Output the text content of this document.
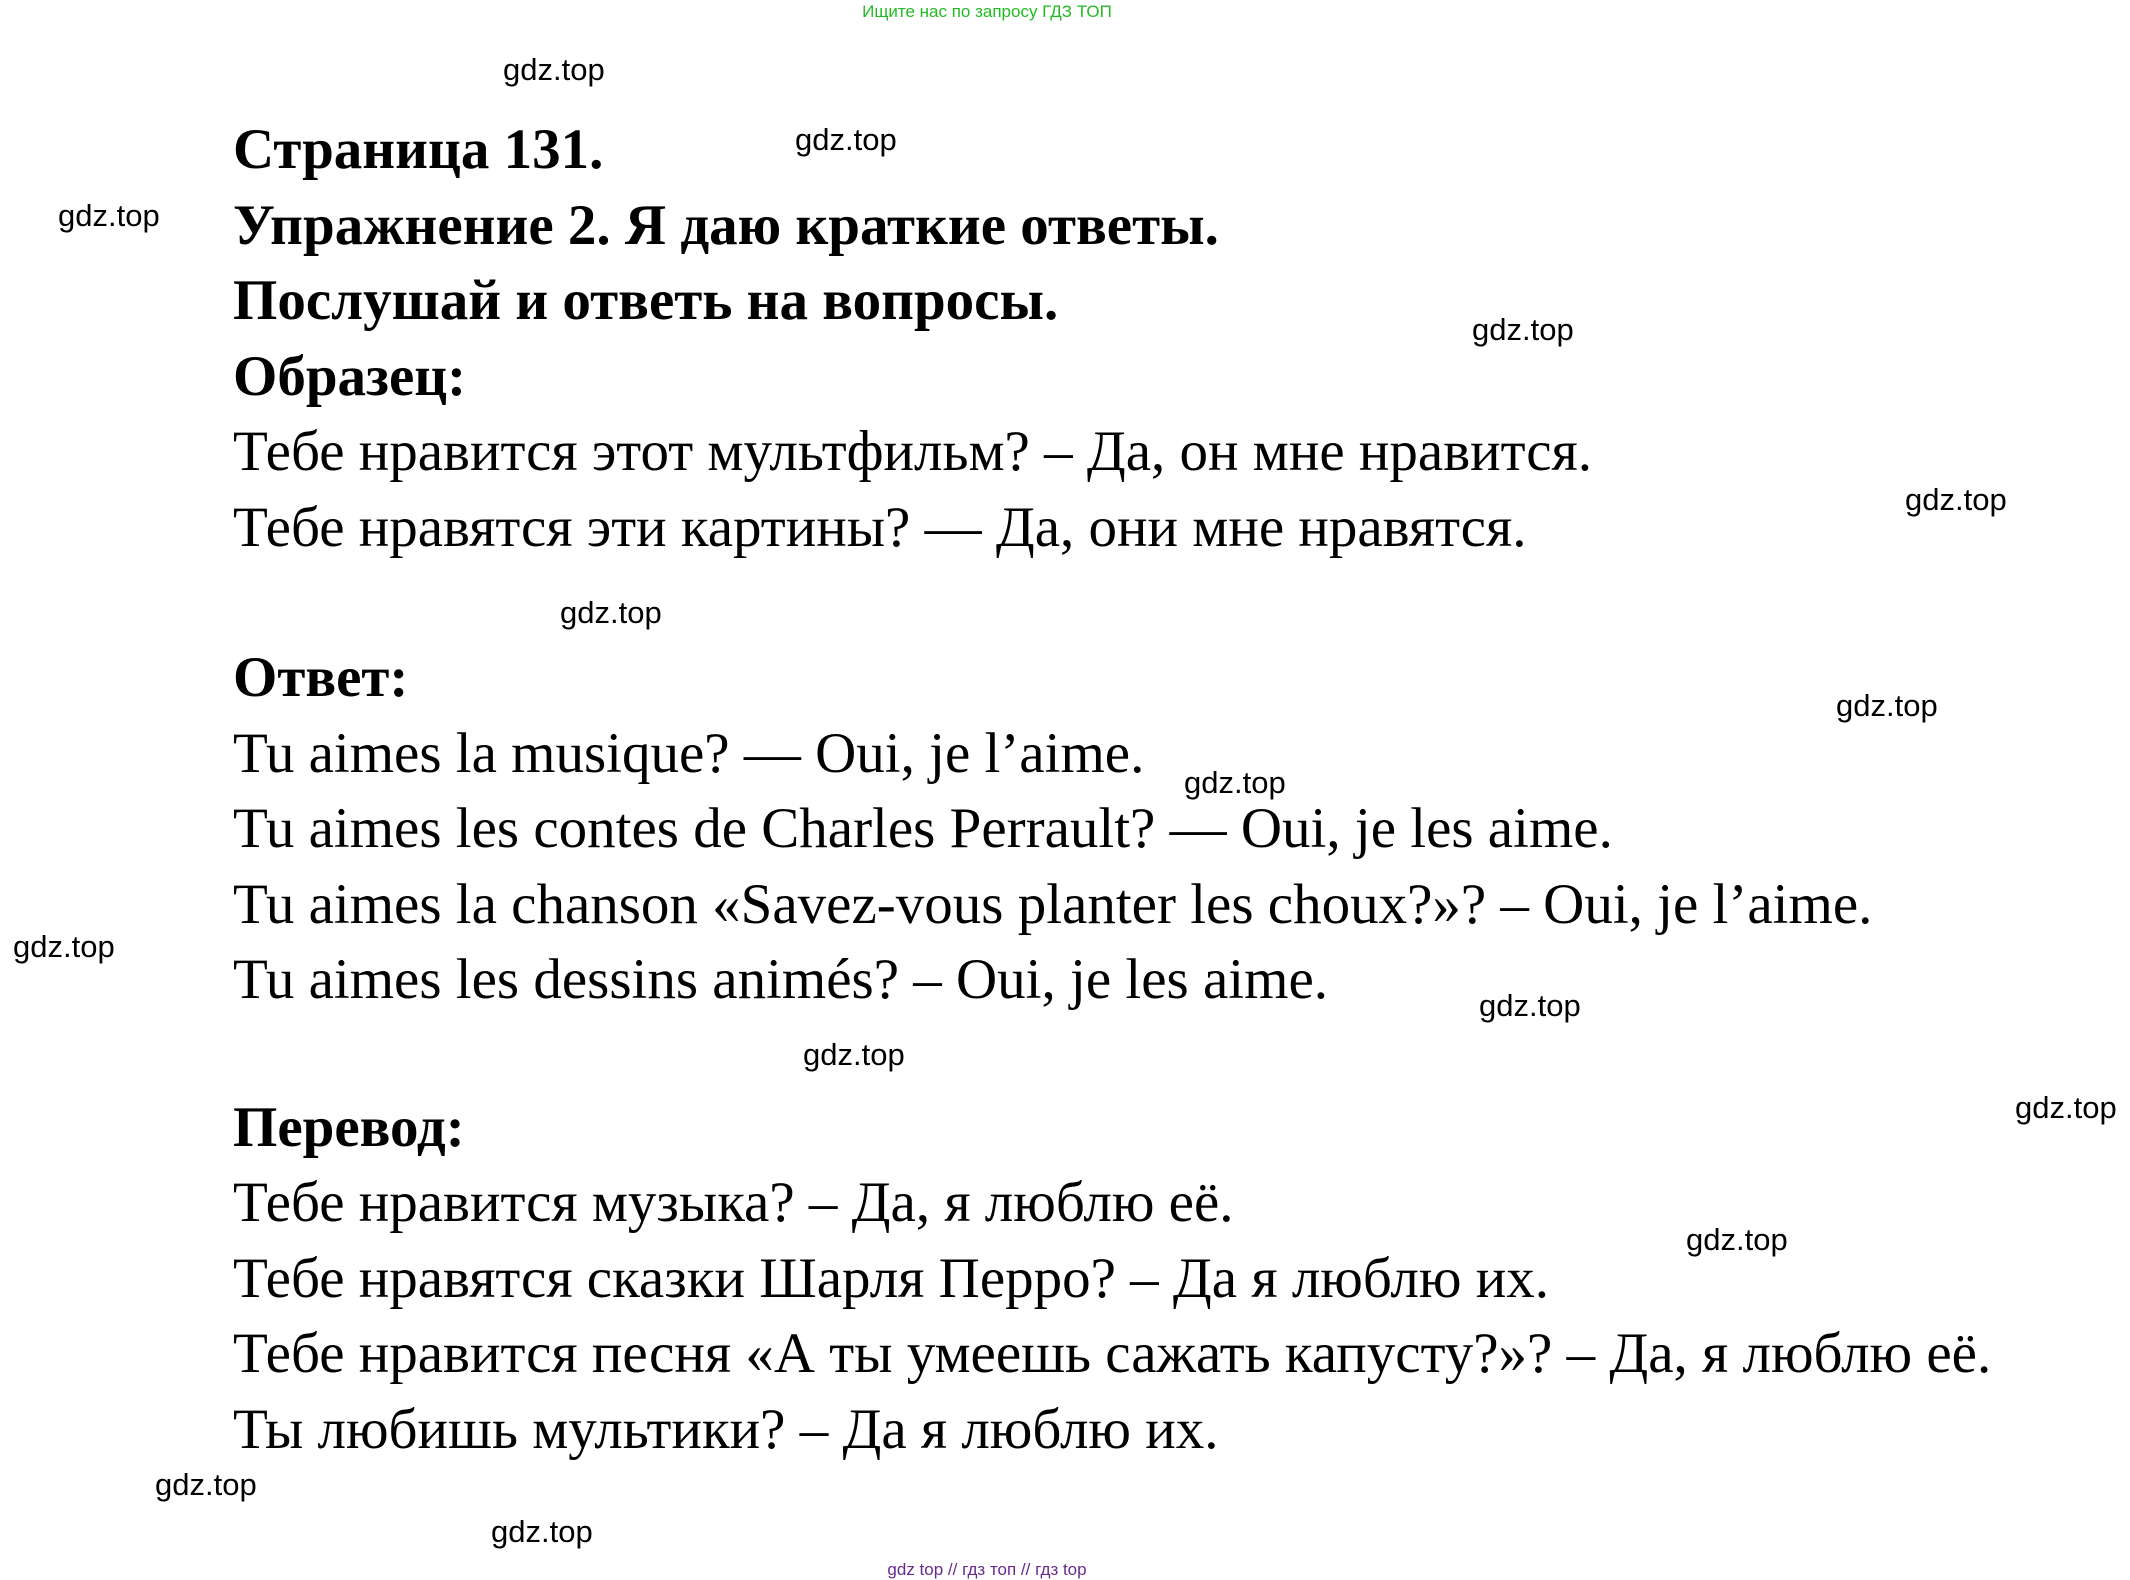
Ищите нас по запросу ГДЗ ТОП
Страница 131.
Упражнение 2. Я даю краткие ответы.
Послушай и ответь на вопросы.
Образец:
Тебе нравится этот мультфильм? – Да, он мне нравится.
Тебе нравятся эти картины? — Да, они мне нравятся.
Ответ:
Tu aimes la musique? — Oui, je l’aime.
Tu aimes les contes de Charles Perrault? — Oui, je les aime.
Tu aimes la chanson «Savez-vous planter les choux?»? – Oui, je l’aime.
Tu aimes les dessins animés? – Oui, je les aime.
Перевод:
Тебе нравится музыка? – Да, я люблю её.
Тебе нравятся сказки Шарля Перро? – Да я люблю их.
Тебе нравится песня «А ты умеешь сажать капусту?»? – Да, я люблю её.
Ты любишь мультики? – Да я люблю их.
gdz.top
gdz.top
gdz.top
gdz.top
gdz.top
gdz.top
gdz.top
gdz.top
gdz.top
gdz.top
gdz.top
gdz.top
gdz.top
gdz.top
gdz.top
gdz top // гдз топ // гдз top
